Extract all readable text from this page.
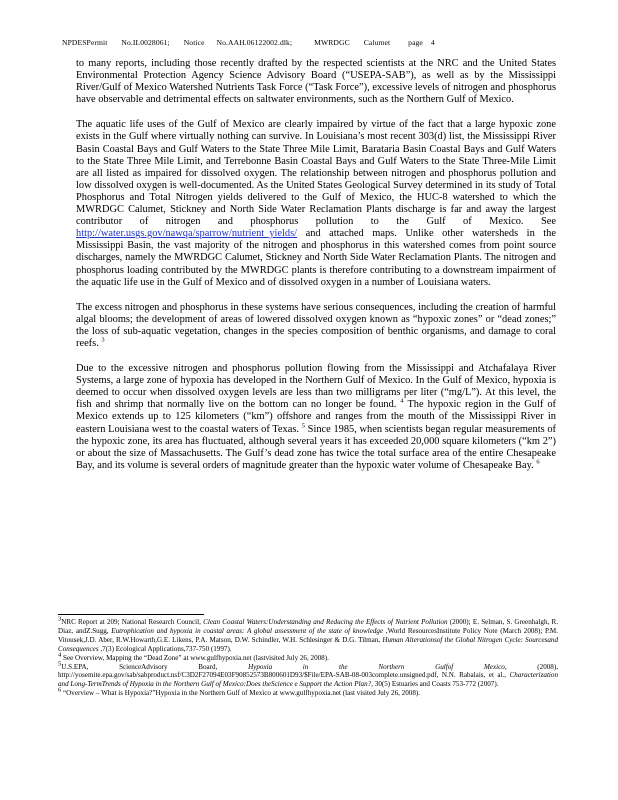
NPDESPermit       No.IL0028061;       Notice      No.AAH.06122002.dlk;           MWRDGC       Calumet         page    4

to many reports, including those recently drafted by the respected scientists at the NRC and the United States Environmental Protection Agency Science Advisory Board (“USEPA-SAB”), as well as by the Mississippi River/Gulf of Mexico Watershed Nutrients Task Force (“Task Force”), excessive levels of nitrogen and phosphorus have observable and detrimental effects on saltwater environments, such as the Northern Gulf of Mexico.

The aquatic life uses of the Gulf of Mexico are clearly impaired by virtue of the fact that a large hypoxic zone exists in the Gulf where virtually nothing can survive. In Louisiana’s most recent 303(d) list, the Mississippi River Basin Coastal Bays and Gulf Waters to the State Three Mile Limit, Barataria Basin Coastal Bays and Gulf Waters to the State Three Mile Limit, and Terrebonne Basin Coastal Bays and Gulf Waters to the State Three-Mile Limit are all listed as impaired for dissolved oxygen. The relationship between nitrogen and phosphorus pollution and low dissolved oxygen is well-documented. As the United States Geological Survey determined in its study of Total Phosphorus and Total Nitrogen yields delivered to the Gulf of Mexico, the HUC-8 watershed to which the MWRDGC Calumet, Stickney and North Side Water Reclamation Plants discharge is far and away the largest contributor of nitrogen and phosphorus pollution to the Gulf of Mexico. See http://water.usgs.gov/nawqa/sparrow/nutrient_yields/ and attached maps. Unlike other watersheds in the Mississippi Basin, the vast majority of the nitrogen and phosphorus in this watershed comes from point source discharges, namely the MWRDGC Calumet, Stickney and North Side Water Reclamation Plants. The nitrogen and phosphorus loading contributed by the MWRDGC plants is therefore contributing to a downstream impairment of the aquatic life use in the Gulf of Mexico and of dissolved oxygen in a number of Louisiana waters.

The excess nitrogen and phosphorus in these systems have serious consequences, including the creation of harmful algal blooms; the development of areas of lowered dissolved oxygen known as “hypoxic zones” or “dead zones;” the loss of sub-aquatic vegetation, changes in the species composition of benthic organisms, and damage to coral reefs. $^3$

Due to the excessive nitrogen and phosphorus pollution flowing from the Mississippi and Atchafalaya River Systems, a large zone of hypoxia has developed in the Northern Gulf of Mexico. In the Gulf of Mexico, hypoxia is deemed to occur when dissolved oxygen levels are less than two milligrams per liter (“mg/L”). At this level, the fish and shrimp that normally live on the bottom can no longer be found. $^4$ The hypoxic region in the Gulf of Mexico extends up to 125 kilometers (“km”) offshore and ranges from the mouth of the Mississippi River in eastern Louisiana west to the coastal waters of Texas. $^5$ Since 1985, when scientists began regular measurements of the hypoxic zone, its area has fluctuated, although several years it has exceeded 20,000 square kilometers (“km 2”) or about the size of Massachusetts. The Gulf’s dead zone has twice the total surface area of the entire Chesapeake Bay, and its volume is several orders of magnitude greater than the hypoxic water volume of Chesapeake Bay. $^6$

$^3$NRC Report at 209; National Research Council, Clean Coastal Waters:Understanding and Reducing the Effects of Nutrient Pollution (2000); E. Selman, S. Greenhalgh, R. Diaz, andZ.Sugg, Eutrophication and hypoxia in coastal areas: A global assessment of the state of knowledge ,World ResourcesInstitute Policy Note (March 2008); P.M. Vitousek,J.D. Aber, R.W.Howarth,G.E. Likens, P.A. Matson, D.W. Schindler, W.H. Schlesinger & D.G. Tilman, Human Alterationsof the Global Nitrogen Cycle: Sourcesand Consequences ,7(3) Ecological Applications,737-750 (1997).

$^4$ See Overview, Mapping the “Dead Zone” at www.gulfhypoxia.net (lastvisited July 26, 2008).

$^5$U.S.EPA, ScienceAdvisory Board,	Hypoxia in the Northern Gulfof Mexico, (2008), http://yosemite.epa.gov/sab/sabproduct.nsf/C3D2F27094E03F90852573B800601D93/$File/EPA-SAB-08-003complete.unsigned.pdf, N.N. Rabalais, et al., Characterization and Long-TermTrends of Hypoxia in the Northern Gulf of Mexico:Does theScience e Support the Action Plan?, 30(5) Estuaries and Coasts 753-772 (2007).

$^6$ “Overview – What is Hypoxia?”Hypoxia in the Northern Gulf of Mexico at www.gulfhypoxia.net (last visited July 26, 2008).
